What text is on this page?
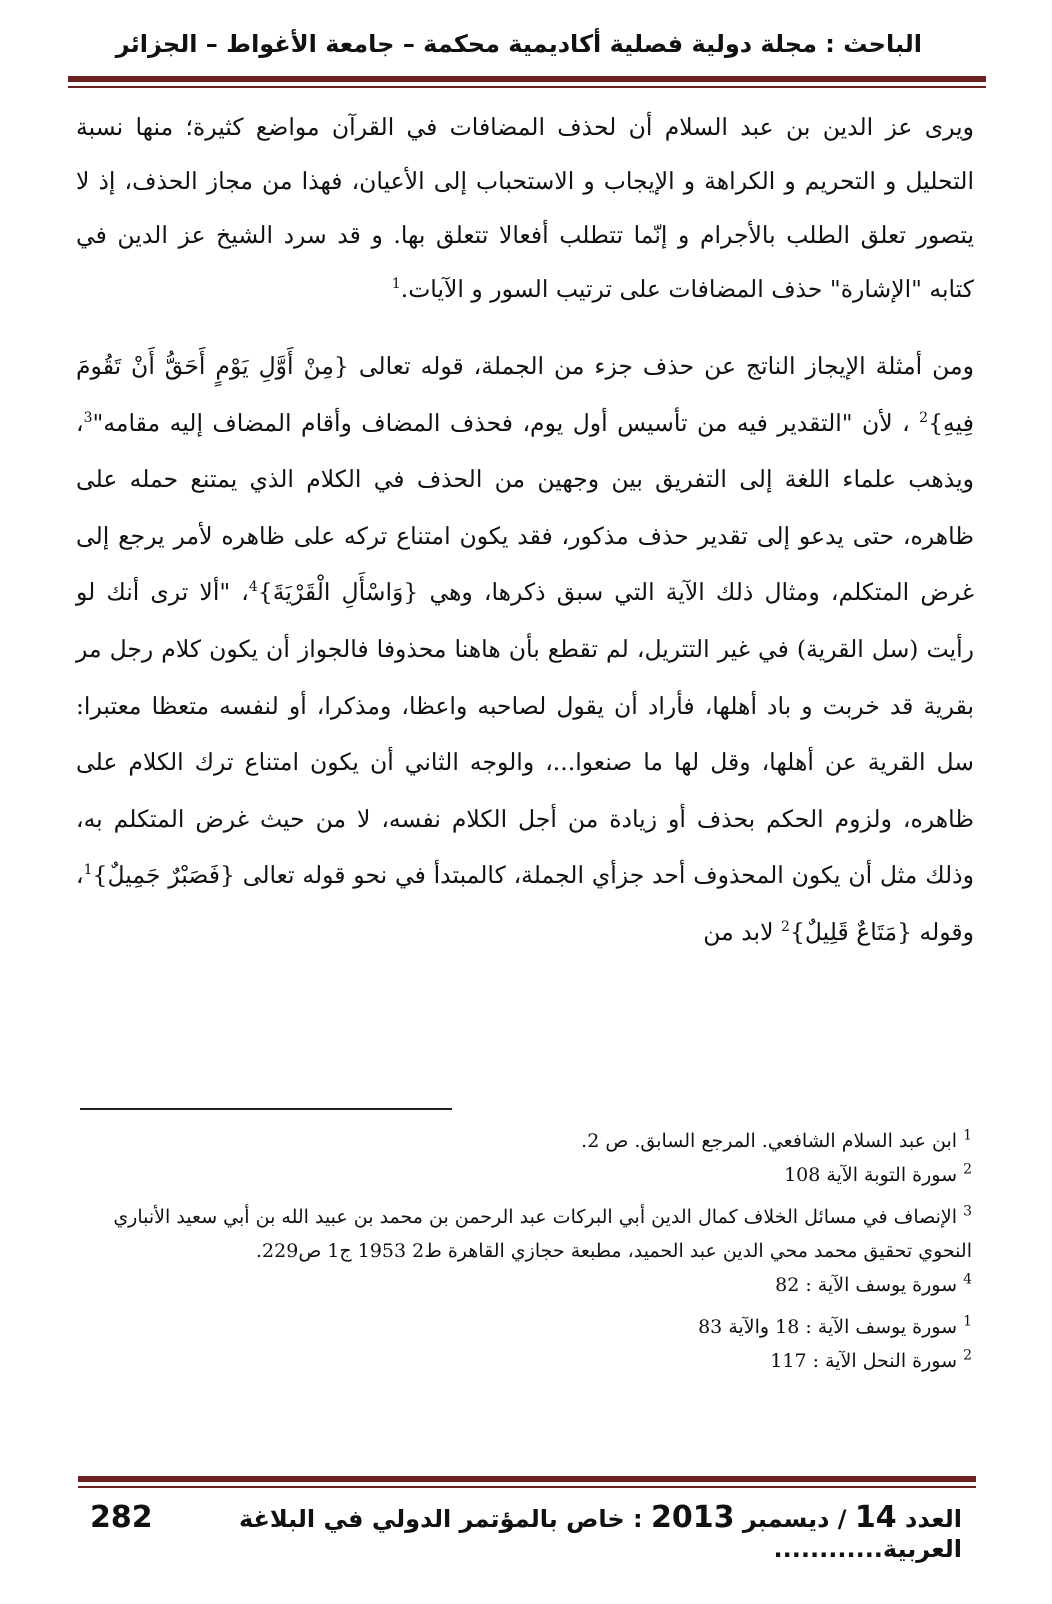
الباحث : مجلة دولية فصلية أكاديمية محكمة – جامعة الأغواط – الجزائر

ويرى عز الدين بن عبد السلام أن لحذف المضافات في القرآن مواضع كثيرة؛ منها نسبة التحليل و التحريم و الكراهة و الإيجاب و الاستحباب إلى الأعيان، فهذا من مجاز الحذف، إذ لا يتصور تعلق الطلب بالأجرام و إنّما تتطلب أفعالا تتعلق بها. و قد سرد الشيخ عز الدين في كتابه "الإشارة" حذف المضافات على ترتيب السور و الآيات.$^1$

ومن أمثلة الإيجاز الناتج عن حذف جزء من الجملة، قوله تعالى {مِنْ أَوَّلِ يَوْمٍ أَحَقُّ أَنْ تَقُومَ فِيهِ}$^2$ ، لأن "التقدير فيه من تأسيس أول يوم، فحذف المضاف وأقام المضاف إليه مقامه"$^3$، ويذهب علماء اللغة إلى التفريق بين وجهين من الحذف في الكلام الذي يمتنع حمله على ظاهره، حتى يدعو إلى تقدير حذف مذكور، فقد يكون امتناع تركه على ظاهره لأمر يرجع إلى غرض المتكلم، ومثال ذلك الآية التي سبق ذكرها، وهي {وَاسْأَلِ الْقَرْيَةَ}$^4$، "ألا ترى أنك لو رأيت (سل القرية) في غير التتريل، لم تقطع بأن هاهنا محذوفا فالجواز أن يكون كلام رجل مر بقرية قد خربت و باد أهلها، فأراد أن يقول لصاحبه واعظا، ومذكرا، أو لنفسه متعظا معتبرا: سل القرية عن أهلها، وقل لها ما صنعوا...، والوجه الثاني أن يكون امتناع ترك الكلام على ظاهره، ولزوم الحكم بحذف أو زيادة من أجل الكلام نفسه، لا من حيث غرض المتكلم به، وذلك مثل أن يكون المحذوف أحد جزأي الجملة، كالمبتدأ في نحو قوله تعالى {فَصَبْرٌ جَمِيلٌ}$^1$، وقوله {مَتَاعٌ قَلِيلٌ}$^2$ لابد من

$^1$ ابن عبد السلام الشافعي. المرجع السابق. ص 2.

$^2$ سورة التوبة الآية 108

$^3$ الإنصاف في مسائل الخلاف كمال الدين أبي البركات عبد الرحمن بن محمد بن عبيد الله بن أبي سعيد الأنباري النحوي تحقيق محمد محي الدين عبد الحميد، مطبعة حجازي القاهرة ط2 1953 ج1 ص229.

$^4$ سورة يوسف الآية : 82

$^1$ سورة يوسف الآية : 18 والآية 83

$^2$ سورة النحل الآية : 117

العدد 14 / ديسمبر 2013 : خاص بالمؤتمر الدولي في البلاغة العربية............
282
